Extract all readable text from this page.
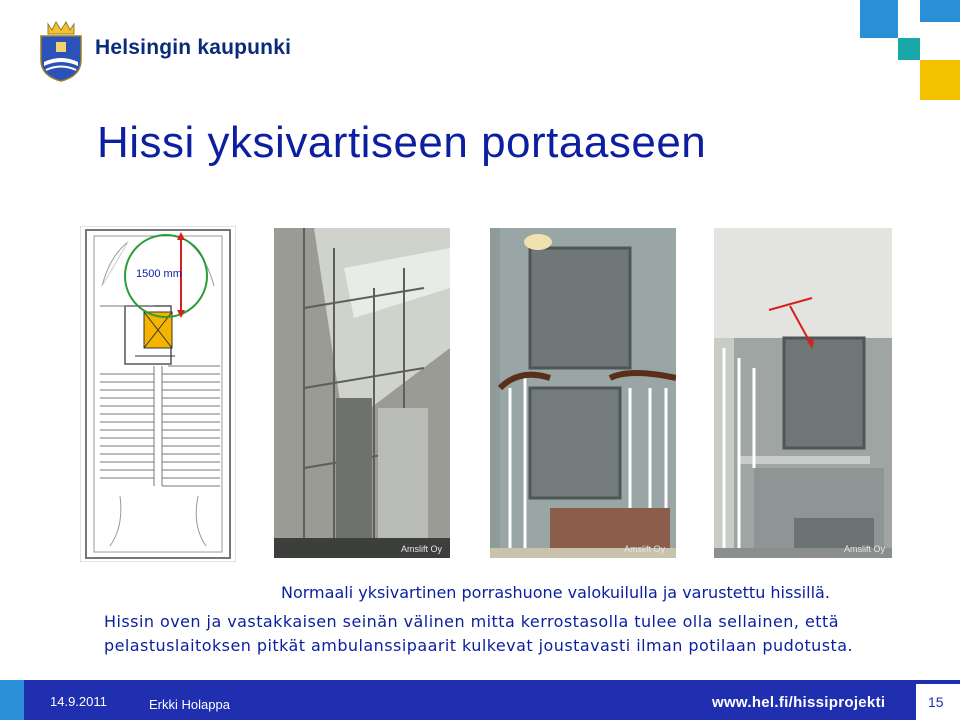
Helsingin kaupunki
Hissi yksivartiseen portaaseen
1500 mm
Amslift Oy	Amslift Oy	Amslift Oy
Normaali yksivartinen porrashuone valokuilulla ja varustettu hissillä.
Hissin oven ja vastakkaisen seinän välinen mitta kerrostasolla tulee olla sellainen, että pelastuslaitoksen pitkät ambulanssipaarit kulkevat joustavasti ilman potilaan pudotusta.
14.9.2011	Erkki Holappa	www.hel.fi/hissiprojekti	15
